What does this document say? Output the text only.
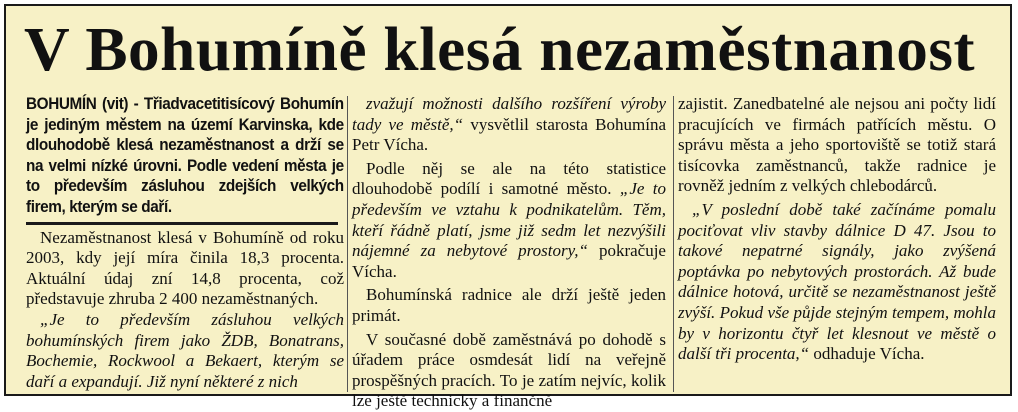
V Bohumíně klesá nezaměstnanost

BOHUMÍN (vit) - Třiadvacetitisícový Bohumín je jediným městem na území Karvinska, kde dlouhodobě klesá nezaměstnanost a drží se na velmi nízké úrovni. Podle vedení města je to především zásluhou zdejších velkých firem, kterým se daří.

Nezaměstnanost klesá v Bohumíně od roku 2003, kdy její míra činila 18,3 procenta. Aktuální údaj zní 14,8 procenta, což představuje zhruba 2 400 nezaměstnaných.

„Je to především zásluhou velkých bohumínských firem jako ŽDB, Bonatrans, Bochemie, Rockwool a Bekaert, kterým se daří a expandují. Již nyní některé z nich

zvažují možnosti dalšího rozšíření výroby tady ve městě,“ vysvětlil starosta Bohumína Petr Vícha.

Podle něj se ale na této statistice dlouhodobě podílí i samotné město. „Je to především ve vztahu k podnikatelům. Těm, kteří řádně platí, jsme již sedm let nezvýšili nájemné za nebytové prostory,“ pokračuje Vícha.

Bohumínská radnice ale drží ještě jeden primát.

V současné době zaměstnává po dohodě s úřadem práce osmdesát lidí na veřejně prospěšných pracích. To je zatím nejvíc, kolik lze ještě technicky a finančně

zajistit. Zanedbatelné ale nejsou ani počty lidí pracujících ve firmách patřících městu. O správu města a jeho sportoviště se totiž stará tisícovka zaměstnanců, takže radnice je rovněž jedním z velkých chlebodárců.

„V poslední době také začínáme pomalu pociťovat vliv stavby dálnice D 47. Jsou to takové nepatrné signály, jako zvýšená poptávka po nebytových prostorách. Až bude dálnice hotová, určitě se nezaměstnanost ještě zvýší. Pokud vše půjde stejným tempem, mohla by v horizontu čtyř let klesnout ve městě o další tři procenta,“ odhaduje Vícha.
